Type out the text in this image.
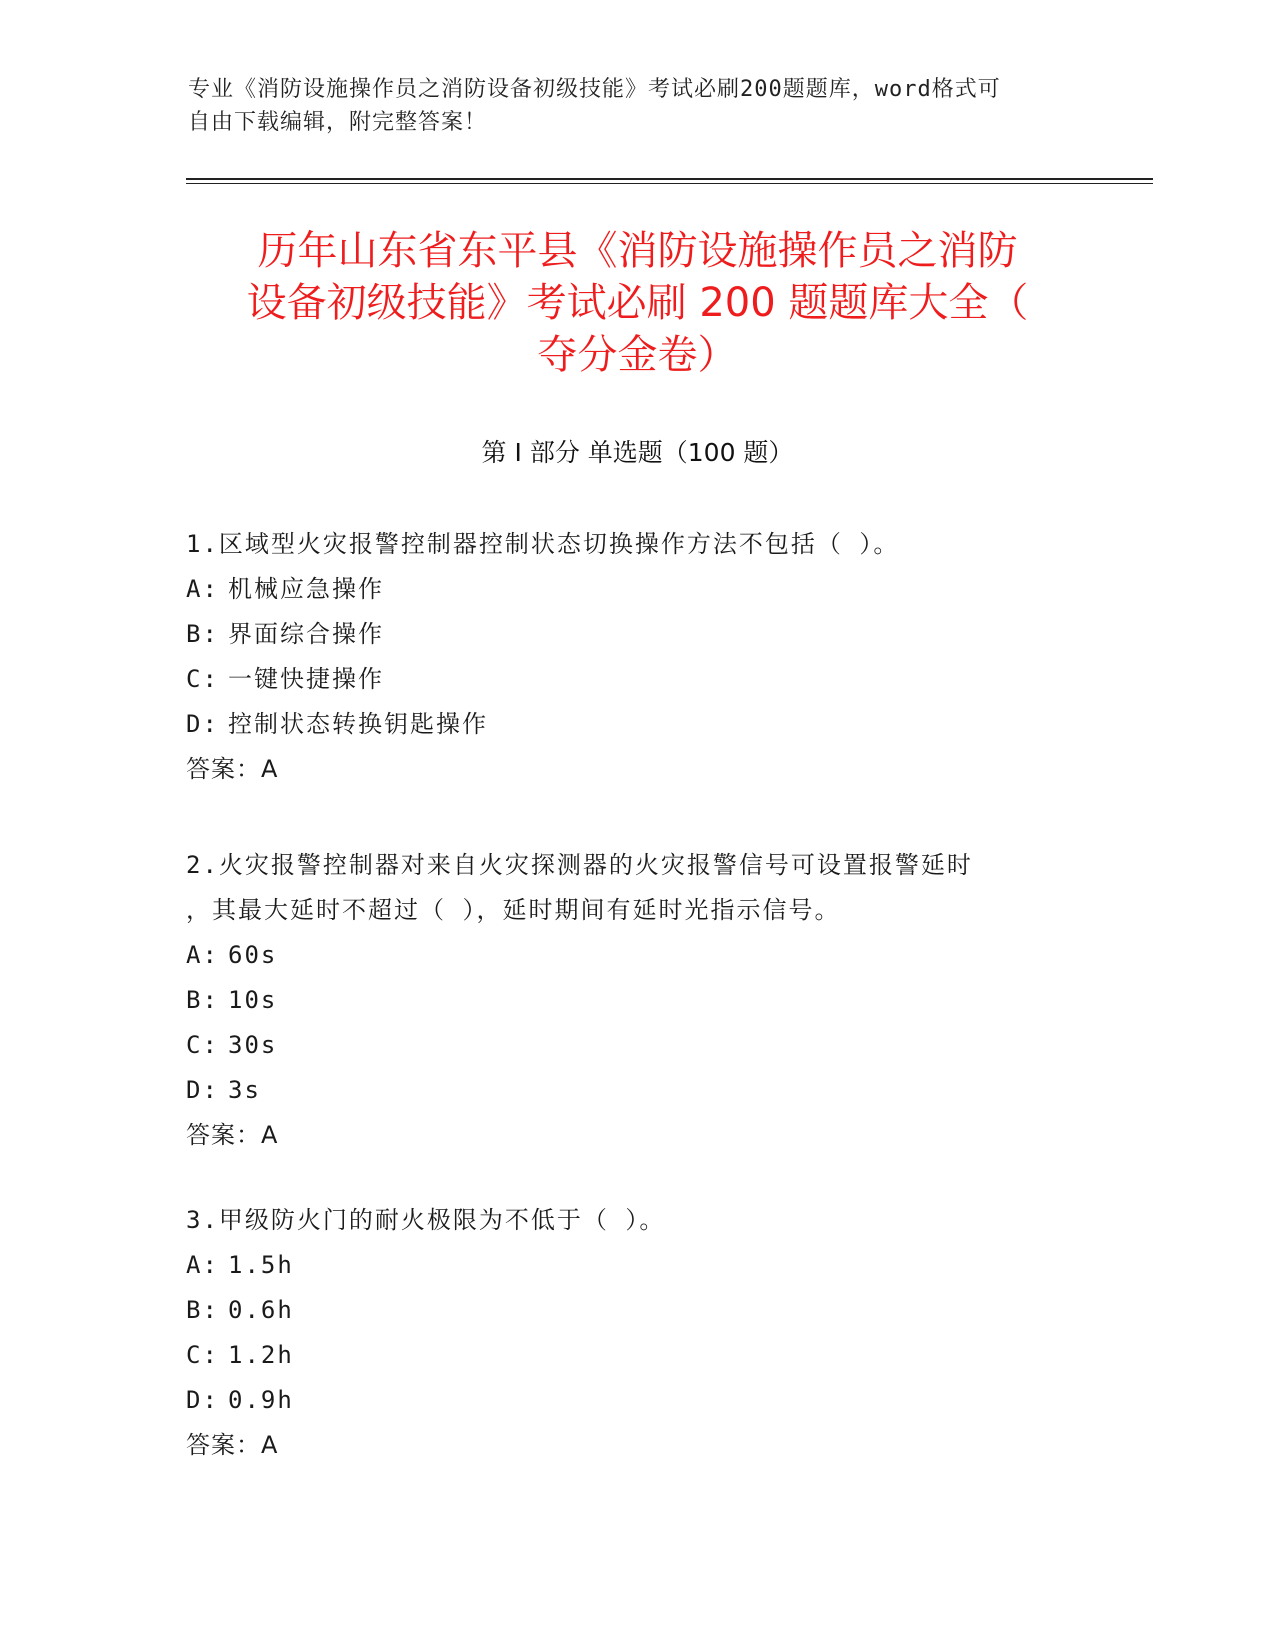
专业《消防设施操作员之消防设备初级技能》考试必刷200题题库，word格式可
自由下载编辑，附完整答案！
历年山东省东平县《消防设施操作员之消防
设备初级技能》考试必刷 200 题题库大全（
夺分金卷）
第 I 部分 单选题（100 题）
1.区域型火灾报警控制器控制状态切换操作方法不包括（ ）。
A: 机械应急操作
B: 界面综合操作
C: 一键快捷操作
D: 控制状态转换钥匙操作
答案：A
2.火灾报警控制器对来自火灾探测器的火灾报警信号可设置报警延时
，其最大延时不超过（ ），延时期间有延时光指示信号。
A: 60s
B: 10s
C: 30s
D: 3s
答案：A
3.甲级防火门的耐火极限为不低于（ ）。
A: 1.5h
B: 0.6h
C: 1.2h
D: 0.9h
答案：A
